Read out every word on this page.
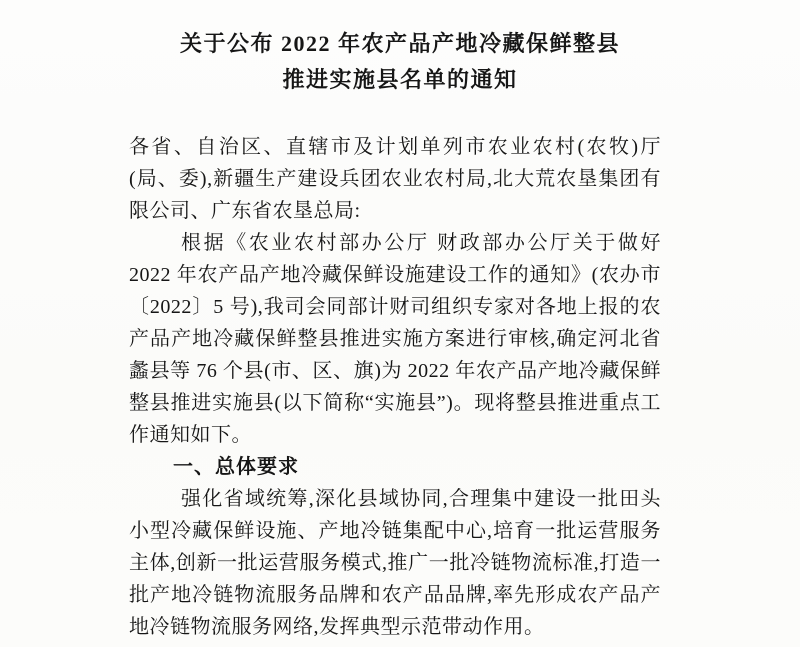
关于公布 2022 年农产品产地冷藏保鲜整县
推进实施县名单的通知

各省、自治区、直辖市及计划单列市农业农村(农牧)厅(局、委),新疆生产建设兵团农业农村局,北大荒农垦集团有限公司、广东省农垦总局:

根据《农业农村部办公厅 财政部办公厅关于做好 2022 年农产品产地冷藏保鲜设施建设工作的通知》(农办市〔2022〕5 号),我司会同部计财司组织专家对各地上报的农产品产地冷藏保鲜整县推进实施方案进行审核,确定河北省蠡县等 76 个县(市、区、旗)为 2022 年农产品产地冷藏保鲜整县推进实施县(以下简称“实施县”)。现将整县推进重点工作通知如下。

一、总体要求

强化省域统筹,深化县域协同,合理集中建设一批田头小型冷藏保鲜设施、产地冷链集配中心,培育一批运营服务主体,创新一批运营服务模式,推广一批冷链物流标准,打造一批产地冷链物流服务品牌和农产品品牌,率先形成农产品产地冷链物流服务网络,发挥典型示范带动作用。
